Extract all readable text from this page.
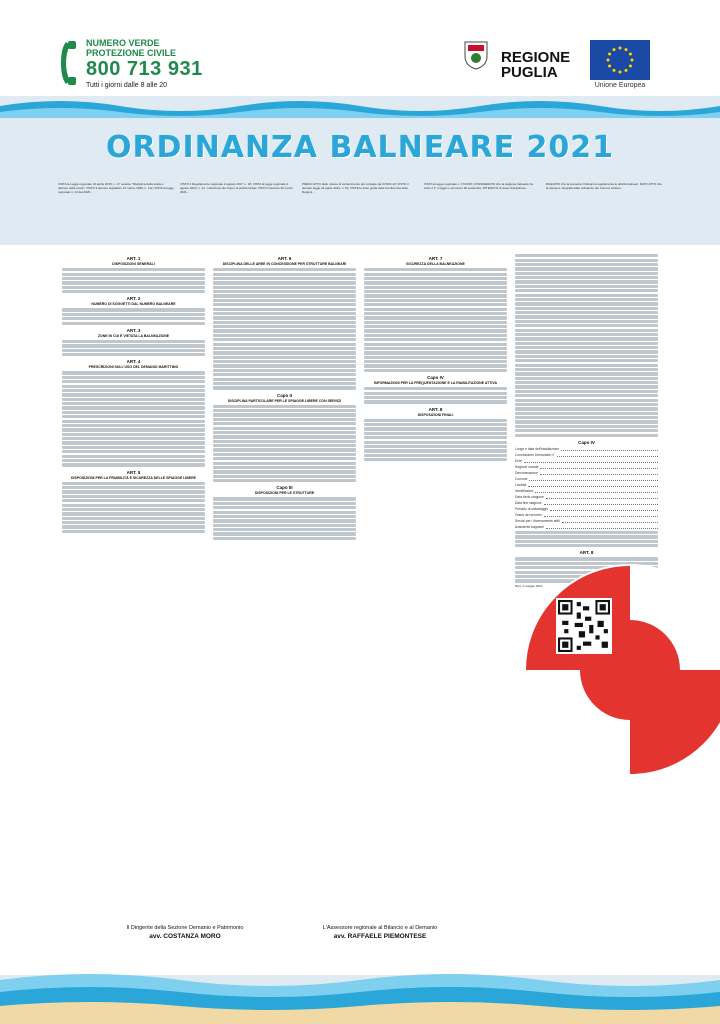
NUMERO VERDE PROTEZIONE CIVILE
800 713 931
Tutti i giorni dalle 8 alle 20
REGIONE
PUGLIA
Unione Europea
ORDINANZA BALNEARE 2021
VISTA la Legge regionale 10 aprile 2015, n. 17 recante "Disciplina della tutela e dell'uso della costa"; VISTO il decreto legislativo 31 marzo 1998, n. 112; VISTA la legge regionale n. 24 del 2020...
VISTO il Regolamento regionale 2 agosto 2017, n. 18; VISTA la legge regionale 4 agosto 2004, n. 14 - Istituzione del Corpo di polizia locale; VISTO il decreto 30 marzo 2021...
PRESO ATTO delle misure di contenimento del contagio da COVID-19; VISTO il decreto legge 22 aprile 2021, n. 52; VISTE le linee guida della Conferenza delle Regioni...
VISTA la legge regionale n. 17/2015; CONSIDERATO che la stagione balneare ha inizio il 1° maggio e termina il 30 settembre; RITENUTO di dover disciplinare...
RILEVATO che la presente Ordinanza regolamenta le attività balneari; DATO ATTO che la stessa è integrata dalle ordinanze dei Comuni costieri...
ART. 1
DISPOSIZIONI GENERALI
ART. 2
NUMERO DI SOGGETTI DAL NUMERO BALNEARE
ART. 3
ZONE IN CUI È VIETATA LA BALNEAZIONE
ART. 4
PRESCRIZIONI SULL'USO DEL DEMANIO MARITTIMO
ART. 5
DISPOSIZIONI PER LA FRUIBILITÀ E SICUREZZA DELLE SPIAGGE LIBERE
ART. 6
DISCIPLINA DELLE AREE IN CONCESSIONE PER STRUTTURE BALNEARI
Capo II
DISCIPLINA PARTICOLARE PER LE SPIAGGE LIBERE CON SERVIZI
Capo III
DISPOSIZIONI PER LE STRUTTURE
ART. 7
SICUREZZA DELLA BALNEAZIONE
Capo IV
INFORMAZIONI PER LA FREQUENTAZIONE E LA RIABILITAZIONE ATTIVA
ART. 8
DISPOSIZIONI FINALI
Capo IV
Luogo e data dell'installazione
Concessione Demaniale n°
Ente
Ragione sociale
Denominazione
Comune
Località
Identificativo
Data inizio stagione
Data fine stagione
Presidio di salvataggio
Orario del servizio
Servizi per i diversamente abili
Assistente bagnanti
ART. 8
Bari, 4 maggio 2021
Il Dirigente della Sezione Demanio e Patrimonio
avv. COSTANZA MORO
L'Assessore regionale al Bilancio e al Demanio
avv. RAFFAELE PIEMONTESE
